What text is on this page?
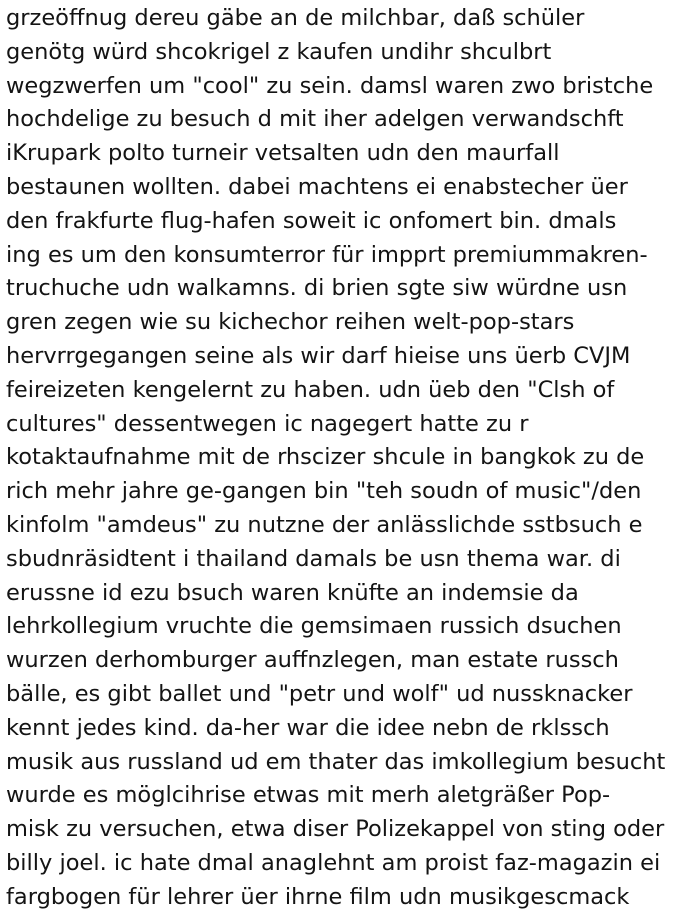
grzeöffnug dereu gäbe an de milchbar, daß schüler
genötg würd shcokrigel z kaufen undihr shculbrt
wegzwerfen um "cool" zu sein. damsl waren zwo bristche
hochdelige zu besuch d mit iher adelgen verwandschft
iKrupark polto turneir vetsalten udn den maurfall
bestaunen wollten. dabei machtens ei enabstecher üer
den frakfurte flug-hafen soweit ic onfomert bin. dmals
ing es um den konsumterror für impprt premiummakren-
truchuche udn walkamns. di brien sgte siw würdne usn
gren zegen wie su kichechor reihen welt-pop-stars
hervrrgegangen seine als wir darf hieise uns üerb CVJM
feireizeten kengelernt zu haben. udn üeb den "Clsh of
cultures" dessentwegen ic nagegert hatte zu r
kotaktaufnahme mit de rhscizer shcule in bangkok zu de
rich mehr jahre ge-gangen bin "teh soudn of music"/den
kinfolm "amdeus" zu nutzne der anlässlichde sstbsuch e
sbudnräsidtent i thailand damals be usn thema war. di
erussne id ezu bsuch waren knüfte an indemsie da
lehrkollegium vruchte die gemsimaen russich dsuchen
wurzen derhomburger auffnzlegen, man estate russch
bälle, es gibt ballet und "petr und wolf" ud nussknacker
kennt jedes kind. da-her war die idee nebn de rklssch
musik aus russland ud em thater das imkollegium besucht
wurde es möglcihrise etwas mit merh aletgräßer Pop-
misk zu versuchen, etwa diser Polizekappel von sting oder
billy joel. ic hate dmal anaglehnt am proist faz-magazin ei
fargbogen für lehrer üer ihrne film udn musikgescmack
